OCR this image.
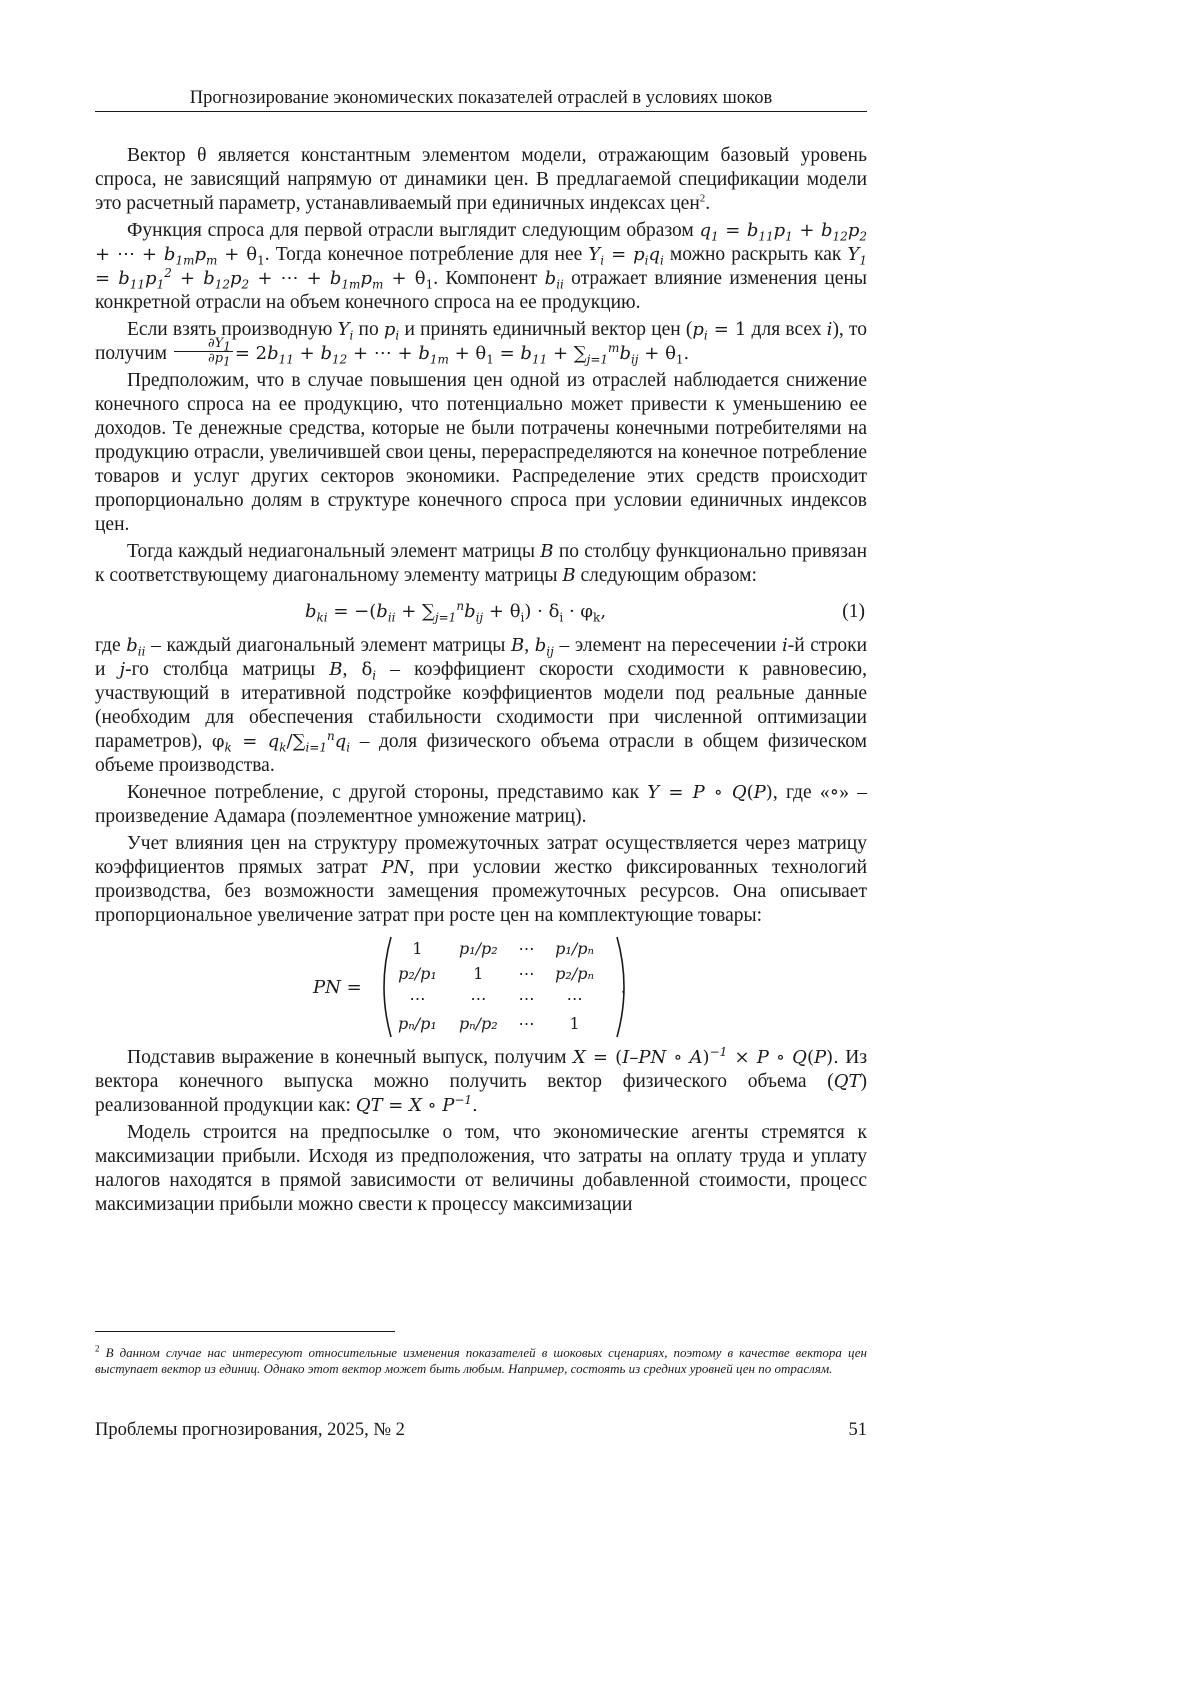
Прогнозирование экономических показателей отраслей в условиях шоков

Вектор θ является константным элементом модели, отражающим базовый уровень спроса, не зависящий напрямую от динамики цен. В предлагаемой спецификации модели это расчетный параметр, устанавливаемый при единичных индексах цен$^2$.

Функция спроса для первой отрасли выглядит следующим образом $q_1 = b_{11}p_1 + b_{12}p_2$ + ⋯ + $b_{1m}p_m + \theta_1$. Тогда конечное потребление для нее $Y_i = p_iq_i$ можно раскрыть как $Y_1 = b_{11}p_1^2 + b_{12}p_2$ + ⋯ + $b_{1m}p_m + \theta_1$. Компонент $b_{ii}$ отражает влияние изменения цены конкретной отрасли на объем конечного спроса на ее продукцию.

Если взять производную $Y_i$ по $p_i$ и принять единичный вектор цен ($p_i = 1$ для всех i), то получим $\frac{\partial Y_1}{\partial p_1} = 2b_{11} + b_{12}$ + ⋯ + $b_{1m} + \theta_1 = b_{11} + \sum_{j=1}^mb_{ij} + \theta_1$.

Предположим, что в случае повышения цен одной из отраслей наблюдается снижение конечного спроса на ее продукцию, что потенциально может привести к уменьшению ее доходов. Те денежные средства, которые не были потрачены конечными потребителями на продукцию отрасли, увеличившей свои цены, перераспределяются на конечное потребление товаров и услуг других секторов экономики. Распределение этих средств происходит пропорционально долям в структуре конечного спроса при условии единичных индексов цен.

Тогда каждый недиагональный элемент матрицы B по столбцу функционально привязан к соответствующему диагональному элементу матрицы B следующим образом:

$b_{ki} = -(b_{ii} + \sum_{j=1}^nb_{ij} + \theta_i) \cdot \delta_i \cdot \varphi_k$,	(1)

где $b_{ii}$ – каждый диагональный элемент матрицы B, $b_{ij}$ – элемент на пересечении i-й строки и j-го столбца матрицы B, $\delta_i$ – коэффициент скорости сходимости к равновесию, участвующий в итеративной подстройке коэффициентов модели под реальные данные (необходим для обеспечения стабильности сходимости при численной оптимизации параметров), $\varphi_k = q_k/\sum_{i=1}^nq_i$ – доля физического объема отрасли в общем физическом объеме производства.

Конечное потребление, с другой стороны, представимо как Y = P ∘ Q(P), где «∘» – произведение Адамара (поэлементное умножение матриц).

Учет влияния цен на структуру промежуточных затрат осуществляется через матрицу коэффициентов прямых затрат PN, при условии жестко фиксированных технологий производства, без возможности замещения промежуточных ресурсов. Она описывает пропорциональное увеличение затрат при росте цен на комплектующие товары:

PN =
1	p₁/p₂	⋯	p₁/pₙ
p₂/p₁	1	⋯	p₂/pₙ
⋯	⋯	⋯	⋯
pₙ/p₁	pₙ/p₂	⋯	1
.

Подставив выражение в конечный выпуск, получим X = (I–PN ∘ A)$^{-1}$ × P ∘ Q(P). Из вектора конечного выпуска можно получить вектор физического объема (QT) реализованной продукции как: QT = X ∘ $P^{-1}$.

Модель строится на предпосылке о том, что экономические агенты стремятся к максимизации прибыли. Исходя из предположения, что затраты на оплату труда и уплату налогов находятся в прямой зависимости от величины добавленной стоимости, процесс максимизации прибыли можно свести к процессу максимизации

$^2$ В данном случае нас интересуют относительные изменения показателей в шоковых сценариях, поэтому в качестве вектора цен выступает вектор из единиц. Однако этот вектор может быть любым. Например, состоять из средних уровней цен по отраслям.
Проблемы прогнозирования, 2025, № 2	51
